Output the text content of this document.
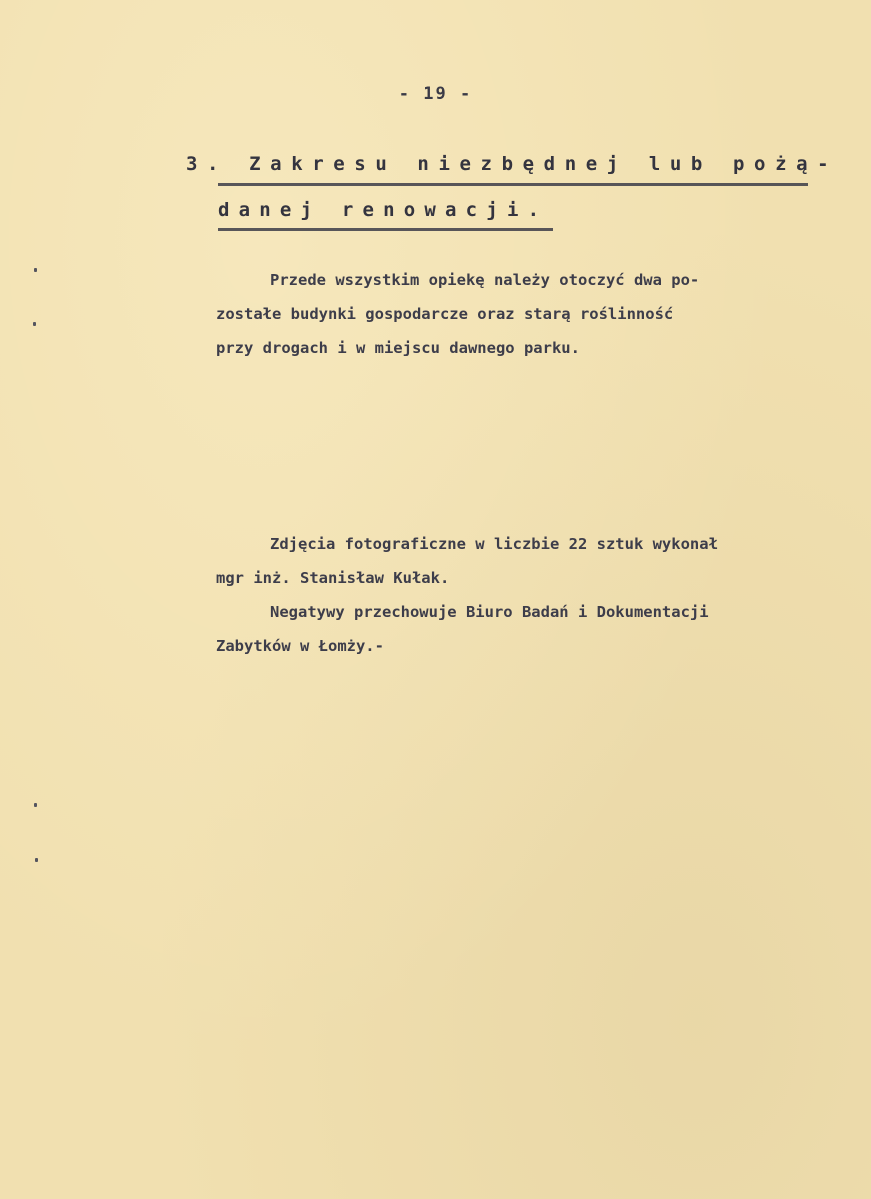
- 19 -
3. Zakresu niezbędnej lub pożą-
danej renowacji.
Przede wszystkim opiekę należy otoczyć dwa po-
zostałe budynki gospodarcze oraz starą roślinność
przy drogach i w miejscu dawnego parku.
Zdjęcia fotograficzne w liczbie 22 sztuk wykonał
mgr inż. Stanisław Kułak.
Negatywy przechowuje Biuro Badań i Dokumentacji
Zabytków w Łomży.-
